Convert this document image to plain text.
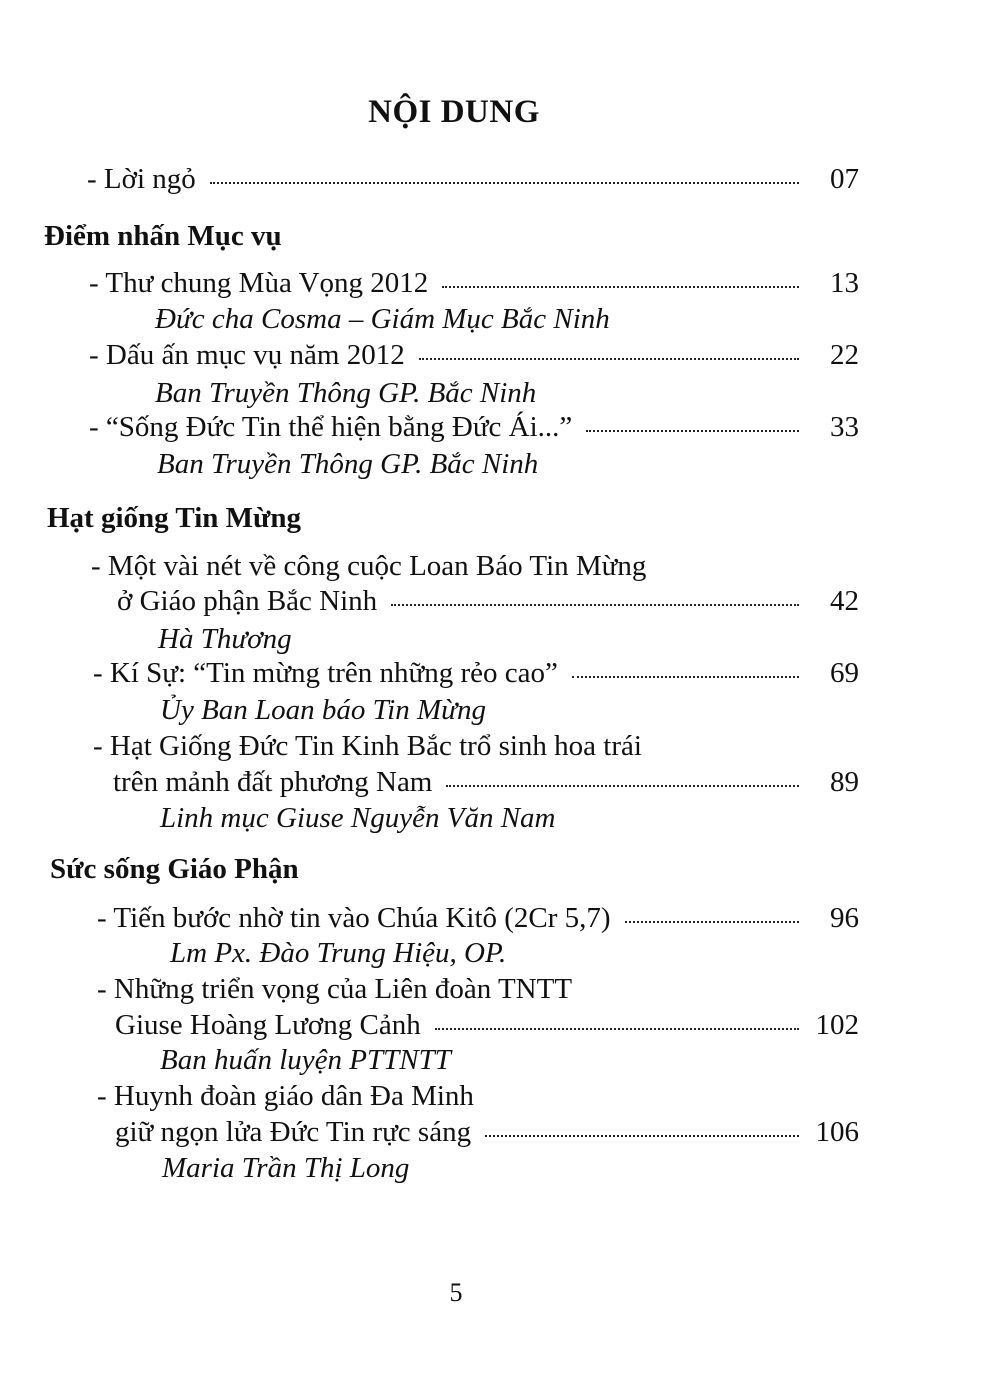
NỘI DUNG
- Lời ngỏ	07
Điểm nhấn Mục vụ
- Thư chung Mùa Vọng 2012	13
Đức cha Cosma – Giám Mục Bắc Ninh
- Dấu ấn mục vụ năm 2012	22
Ban Truyền Thông GP. Bắc Ninh
- “Sống Đức Tin thể hiện bằng Đức Ái...”	33
Ban Truyền Thông GP. Bắc Ninh
Hạt giống Tin Mừng
- Một vài nét về công cuộc Loan Báo Tin Mừng
ở Giáo phận Bắc Ninh	42
Hà Thương
- Kí Sự: “Tin mừng trên những rẻo cao”	69
Ủy Ban Loan báo Tin Mừng
- Hạt Giống Đức Tin Kinh Bắc trổ sinh hoa trái
trên mảnh đất phương Nam	89
Linh mục Giuse Nguyễn Văn Nam
Sức sống Giáo Phận
- Tiến bước nhờ tin vào Chúa Kitô (2Cr 5,7)	96
Lm Px. Đào Trung Hiệu, OP.
- Những triển vọng của Liên đoàn TNTT
Giuse Hoàng Lương Cảnh	102
Ban huấn luyện PTTNTT
- Huynh đoàn giáo dân Đa Minh
giữ ngọn lửa Đức Tin rực sáng	106
Maria Trần Thị Long
5
